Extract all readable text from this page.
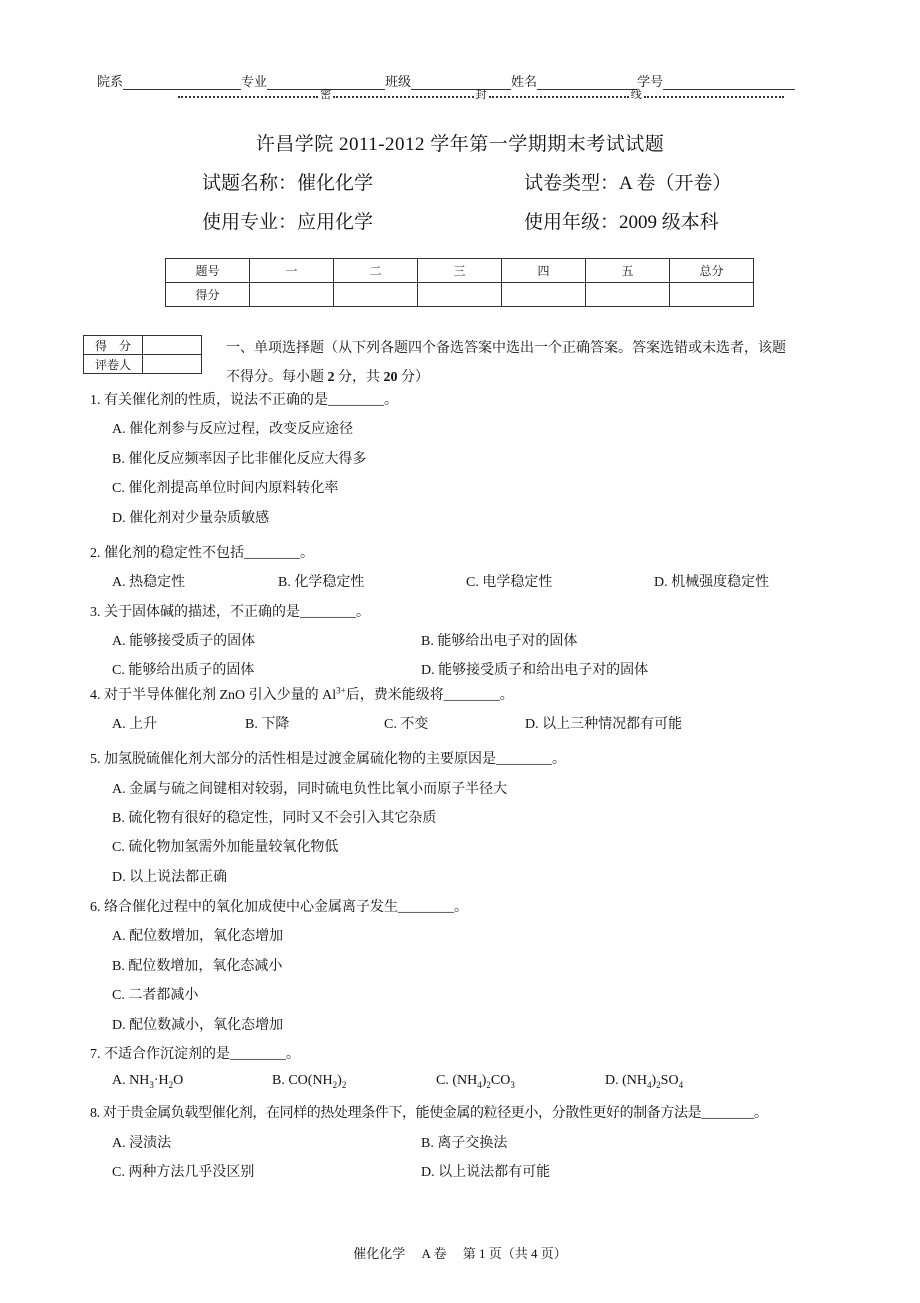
院系	专业	班级	姓名	学号
密	封	线
许昌学院 2011-2012 学年第一学期期末考试试题
试题名称：催化化学	试卷类型：A 卷（开卷）
使用专业：应用化学	使用年级：2009 级本科
题号	一	二	三	四	五	总分
得分						
得　分	
评卷人	
一、单项选择题（从下列各题四个备选答案中选出一个正确答案。答案选错或未选者，该题
不得分。每小题 2 分，共 20 分）
1. 有关催化剂的性质，说法不正确的是________。
A. 催化剂参与反应过程，改变反应途径
B. 催化反应频率因子比非催化反应大得多
C. 催化剂提高单位时间内原料转化率
D. 催化剂对少量杂质敏感
2. 催化剂的稳定性不包括________。
A. 热稳定性	B. 化学稳定性	C. 电学稳定性	D. 机械强度稳定性
3. 关于固体碱的描述，不正确的是________。
A. 能够接受质子的固体	B. 能够给出电子对的固体
C. 能够给出质子的固体	D. 能够接受质子和给出电子对的固体
4. 对于半导体催化剂 ZnO 引入少量的 $Al^{3+}$后，费米能级将________。
A. 上升	B. 下降	C. 不变	D. 以上三种情况都有可能
5. 加氢脱硫催化剂大部分的活性相是过渡金属硫化物的主要原因是________。
A. 金属与硫之间键相对较弱，同时硫电负性比氧小而原子半径大
B. 硫化物有很好的稳定性，同时又不会引入其它杂质
C. 硫化物加氢需外加能量较氧化物低
D. 以上说法都正确
6. 络合催化过程中的氧化加成使中心金属离子发生________。
A. 配位数增加，氧化态增加
B. 配位数增加，氧化态减小
C. 二者都减小
D. 配位数减小，氧化态增加
7. 不适合作沉淀剂的是________。
A. $NH_3\cdot H_2O$	B. $CO(NH_2)_2$	C. $(NH_4)_2CO_3$	D. $(NH_4)_2SO_4$
8. 对于贵金属负载型催化剂，在同样的热处理条件下，能使金属的粒径更小，分散性更好的制备方法是________。
A. 浸渍法	B. 离子交换法
C. 两种方法几乎没区别	D. 以上说法都有可能
催化化学　 A 卷　 第 1 页（共 4 页）
